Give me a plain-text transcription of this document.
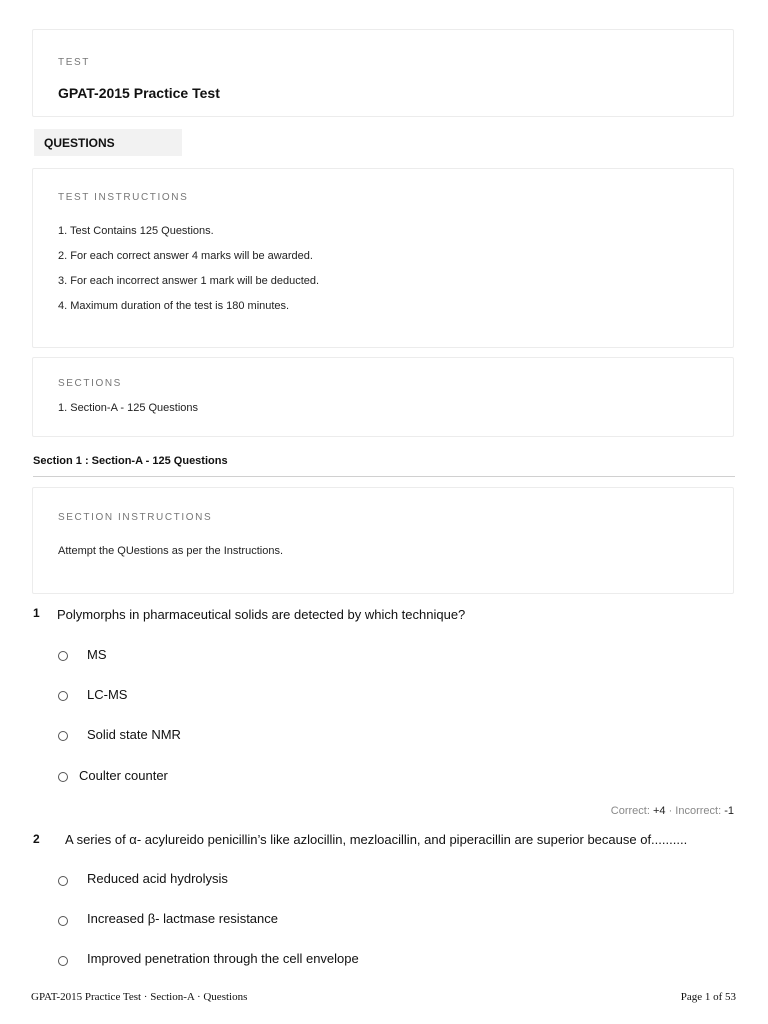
TEST
GPAT-2015 Practice Test
QUESTIONS
TEST INSTRUCTIONS
1. Test Contains 125 Questions.
2. For each correct answer 4 marks will be awarded.
3. For each incorrect answer 1 mark will be deducted.
4. Maximum duration of the test is 180 minutes.
SECTIONS
1. Section-A - 125 Questions
Section 1 : Section-A - 125 Questions
SECTION INSTRUCTIONS
Attempt the QUestions as per the Instructions.
1 Polymorphs in pharmaceutical solids are detected by which technique?
MS
LC-MS
Solid state NMR
Coulter counter
Correct: +4 · Incorrect: -1
2 A series of α- acylureido penicillin’s like azlocillin, mezloacillin, and piperacillin are superior because of..........
Reduced acid hydrolysis
Increased β- lactmase resistance
Improved penetration through the cell envelope
GPAT-2015 Practice Test · Section-A · Questions	Page 1 of 53
